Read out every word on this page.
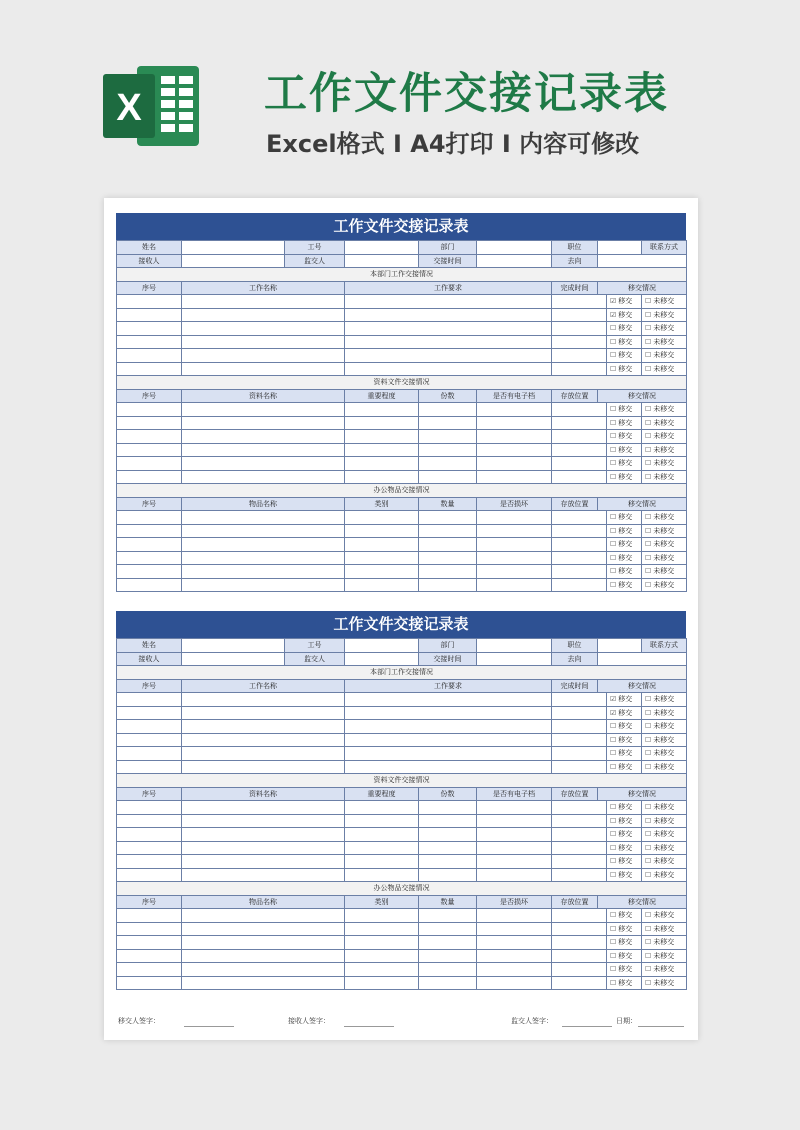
X	工作文件交接记录表
Excel格式 I A4打印 I 内容可修改
工作文件交接记录表
姓名		工号		部门		职位			联系方式	
接收人		监交人		交接时间		去向				
本部门工作交接情况										
序号	工作名称		工作要求			完成时间	移交情况			
								☑ 移交	☐ 未移交	
								☑ 移交	☐ 未移交	
								☐ 移交	☐ 未移交	
								☐ 移交	☐ 未移交	
								☐ 移交	☐ 未移交	
								☐ 移交	☐ 未移交	
资料文件交接情况										
序号	资料名称		重要程度	份数	是否有电子档	存放位置	移交情况			
								☐ 移交	☐ 未移交	
								☐ 移交	☐ 未移交	
								☐ 移交	☐ 未移交	
								☐ 移交	☐ 未移交	
								☐ 移交	☐ 未移交	
								☐ 移交	☐ 未移交	
办公物品交接情况										
序号	物品名称		类别	数量	是否损坏	存放位置	移交情况			
								☐ 移交	☐ 未移交	
								☐ 移交	☐ 未移交	
								☐ 移交	☐ 未移交	
								☐ 移交	☐ 未移交	
								☐ 移交	☐ 未移交	
								☐ 移交	☐ 未移交	
工作文件交接记录表
姓名		工号		部门		职位			联系方式	
接收人		监交人		交接时间		去向				
本部门工作交接情况										
序号	工作名称		工作要求			完成时间	移交情况			
								☑ 移交	☐ 未移交	
								☑ 移交	☐ 未移交	
								☐ 移交	☐ 未移交	
								☐ 移交	☐ 未移交	
								☐ 移交	☐ 未移交	
								☐ 移交	☐ 未移交	
资料文件交接情况										
序号	资料名称		重要程度	份数	是否有电子档	存放位置	移交情况			
								☐ 移交	☐ 未移交	
								☐ 移交	☐ 未移交	
								☐ 移交	☐ 未移交	
								☐ 移交	☐ 未移交	
								☐ 移交	☐ 未移交	
								☐ 移交	☐ 未移交	
办公物品交接情况										
序号	物品名称		类别	数量	是否损坏	存放位置	移交情况			
								☐ 移交	☐ 未移交	
								☐ 移交	☐ 未移交	
								☐ 移交	☐ 未移交	
								☐ 移交	☐ 未移交	
								☐ 移交	☐ 未移交	
								☐ 移交	☐ 未移交	
移交人签字：	接收人签字：	监交人签字：	日期：
